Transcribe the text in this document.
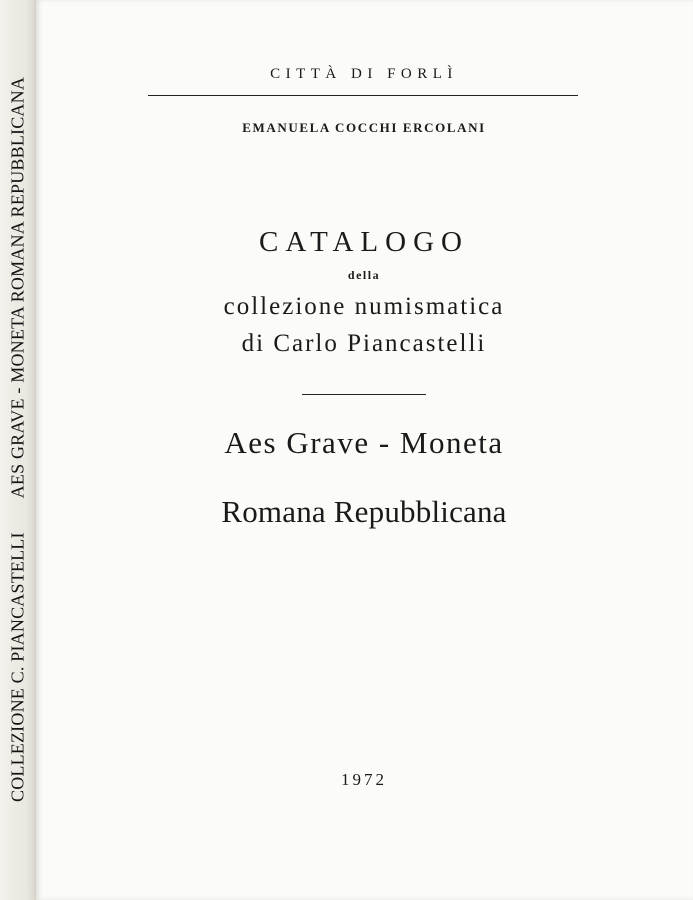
COLLEZIONE C. PIANCASTELLIAES GRAVE - MONETA ROMANA REPUBBLICANA
CITTÀ DI FORLÌ
EMANUELA COCCHI ERCOLANI
CATALOGO
della
collezione numismatica
di Carlo Piancastelli
Aes Grave - Moneta
Romana Repubblicana
1972
